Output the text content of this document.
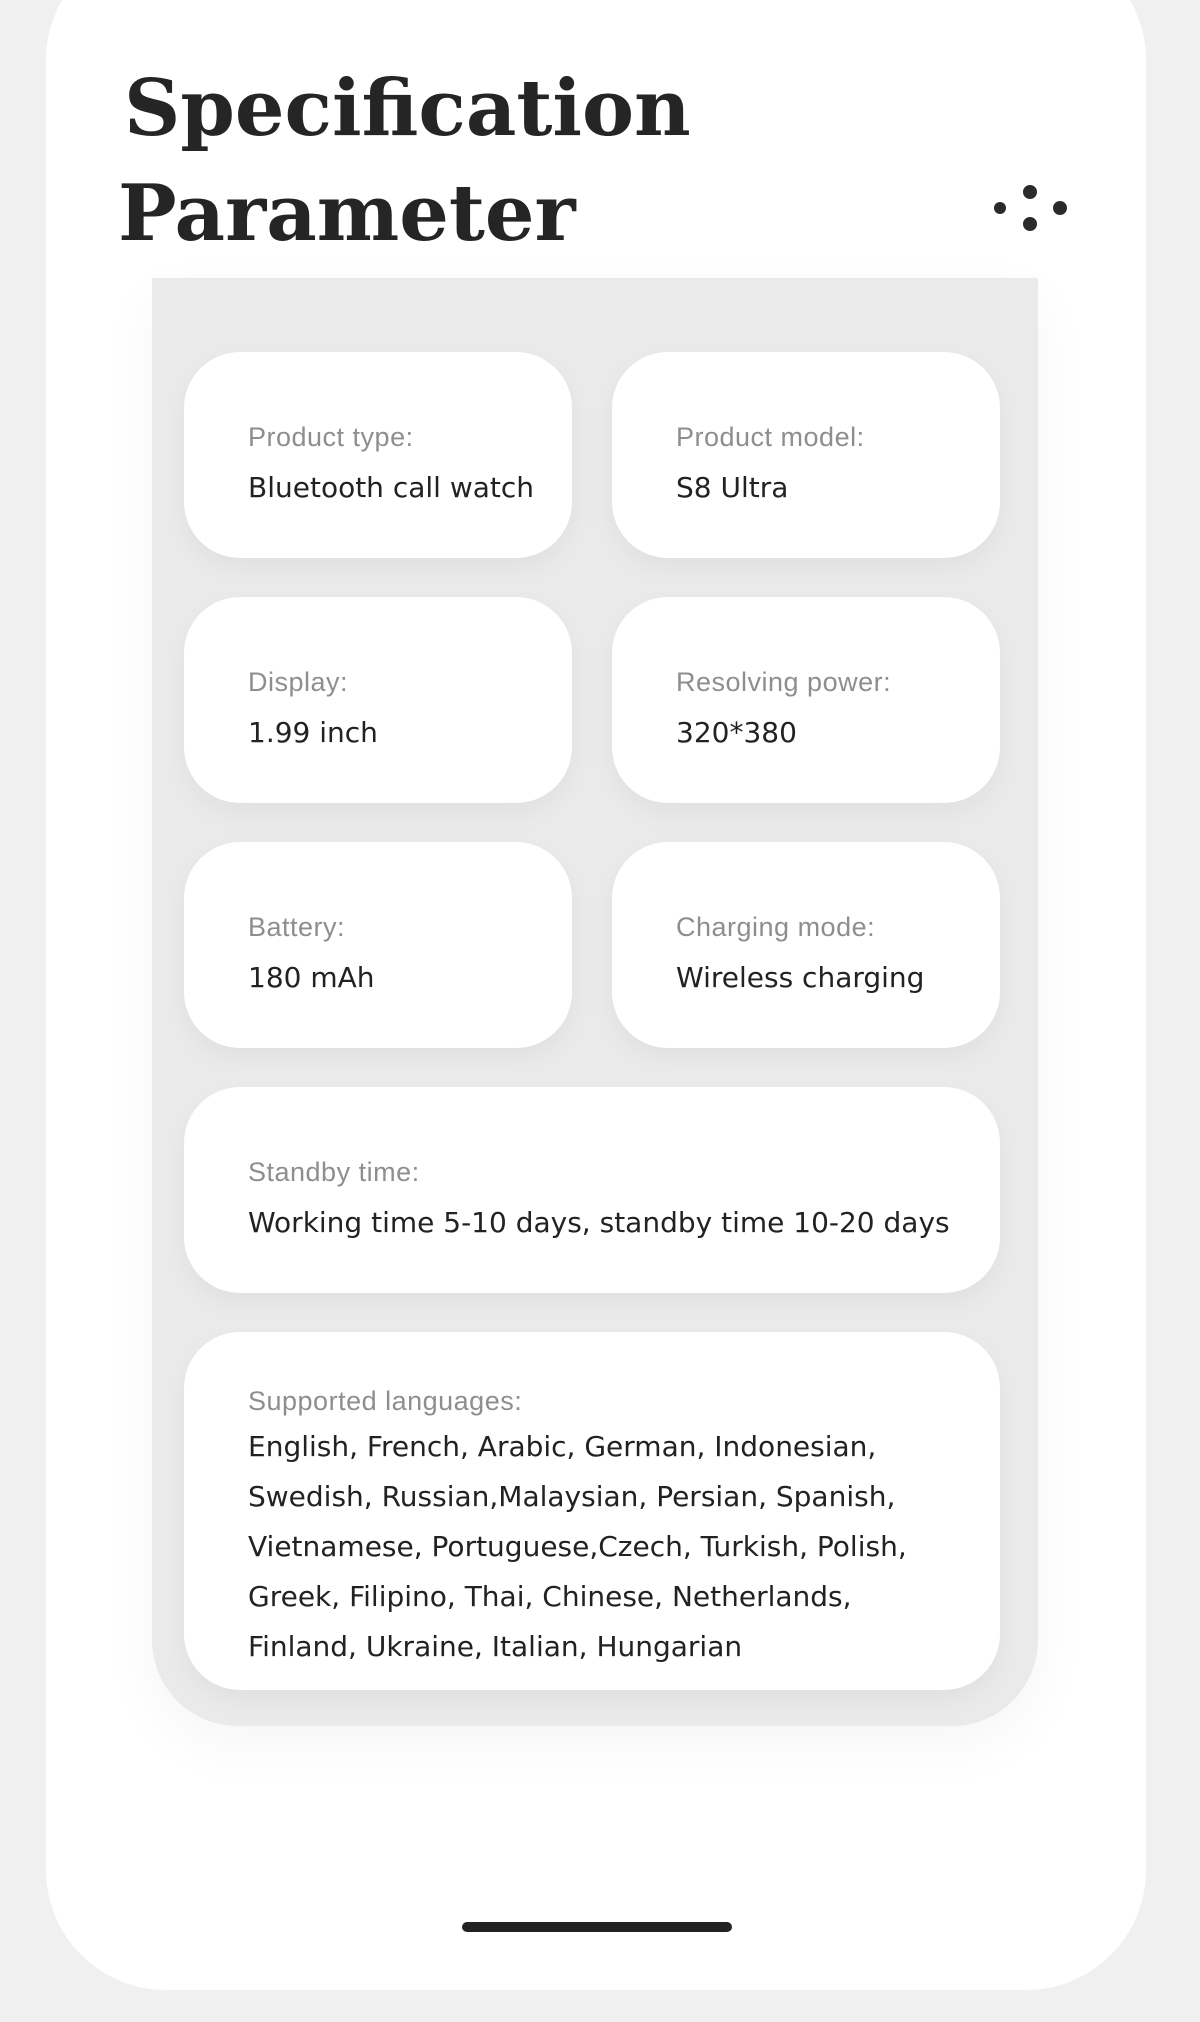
Specification
Parameter
Product type:
Bluetooth call watch
Product model:
S8 Ultra
Display:
1.99 inch
Resolving power:
320*380
Battery:
180 mAh
Charging mode:
Wireless charging
Standby time:
Working time 5-10 days, standby time 10-20 days
Supported languages:
English, French, Arabic, German, Indonesian, Swedish, Russian,Malaysian, Persian, Spanish, Vietnamese, Portuguese,Czech, Turkish, Polish, Greek, Filipino, Thai, Chinese, Netherlands, Finland, Ukraine, Italian, Hungarian
